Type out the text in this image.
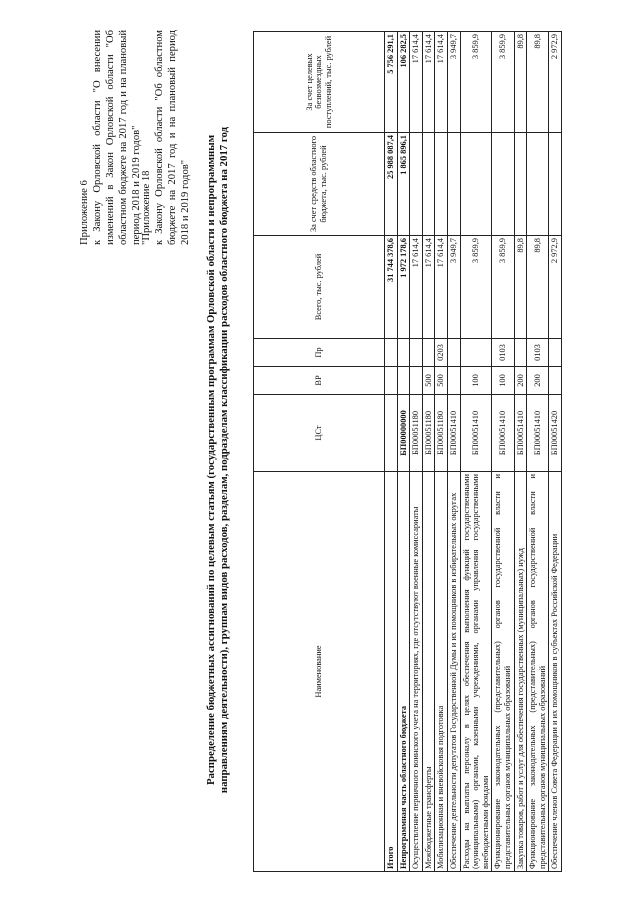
Приложение 6 к Закону Орловской области "О внесении изменений в Закон Орловской области "Об областном бюджете на 2017 год и на плановый период 2018 и 2019 годов" "Приложение 18 к Закону Орловской области "Об областном бюджете на 2017 год и на плановый период 2018 и 2019 годов" Распределение бюджетных ассигнований по целевым статьям (государственным программам Орловской области и непрограммным направлениям деятельности), группам видов расходов, разделам, подразделам классификации расходов областного бюджета на 2017 год	Наименование	ЦСт	ВР	Пр	Всего, тыс. рублей	За счет средств областного бюджета, тыс. рублей	За счет целевых безвозмездных поступлений, тыс. рублей
Итого				31 744 378,6	25 988 087,4	5 756 291,1
Непрограммная часть областного бюджета	БП00000000			1 972 178,6	1 865 896,1	106 282,5
Осуществление первичного воинского учета на территориях, где отсутствуют военные комиссариаты	БП00051180			17 614,4		17 614,4
Межбюджетные трансферты	БП00051180	500		17 614,4		17 614,4
Мобилизационная и вневойсковая подготовка	БП00051180	500	0203	17 614,4		17 614,4
Обеспечение деятельности депутатов Государственной Думы и их помощников в избирательных округах	БП00051410			3 949,7		3 949,7
Расходы на выплаты персоналу в целях обеспечения выполнения функций государственными (муниципальными) органами, казенными учреждениями, органами управления государственными внебюджетными фондами	БП00051410	100		3 859,9		3 859,9
Функционирование законодательных (представительных) органов государственной власти и представительных органов муниципальных образований	БП00051410	100	0103	3 859,9		3 859,9
Закупка товаров, работ и услуг для обеспечения государственных (муниципальных) нужд	БП00051410	200		89,8		89,8
Функционирование законодательных (представительных) органов государственной власти и представительных органов муниципальных образований	БП00051410	200	0103	89,8		89,8
Обеспечение членов Совета Федерации и их помощников в субъектах Российской Федерации	БП00051420			2 972,9		2 972,9
